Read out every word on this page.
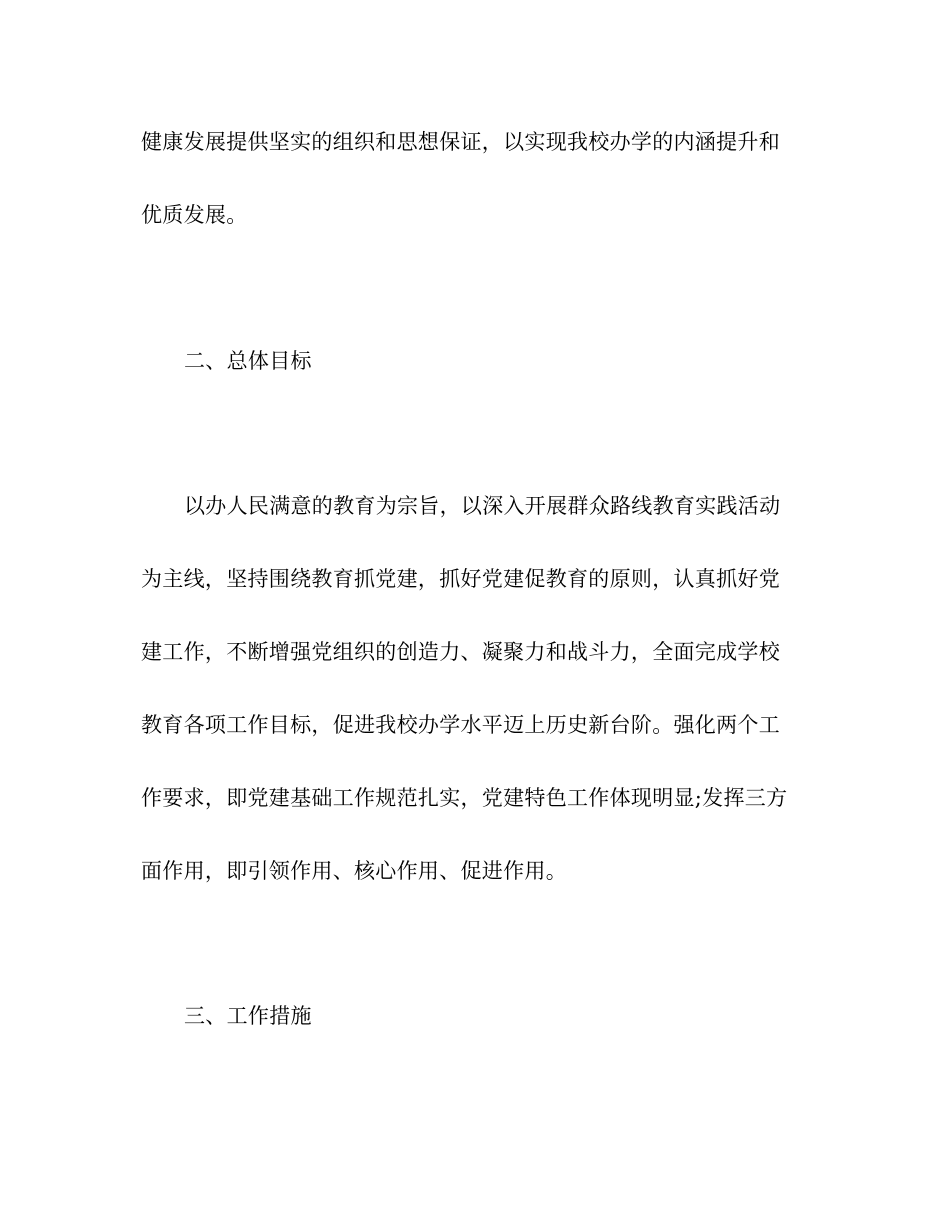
健康发展提供坚实的组织和思想保证，以实现我校办学的内涵提升和
优质发展。
二、总体目标
以办人民满意的教育为宗旨，以深入开展群众路线教育实践活动
为主线，坚持围绕教育抓党建，抓好党建促教育的原则，认真抓好党
建工作，不断增强党组织的创造力、凝聚力和战斗力，全面完成学校
教育各项工作目标，促进我校办学水平迈上历史新台阶。强化两个工
作要求，即党建基础工作规范扎实，党建特色工作体现明显;发挥三方
面作用，即引领作用、核心作用、促进作用。
三、工作措施
